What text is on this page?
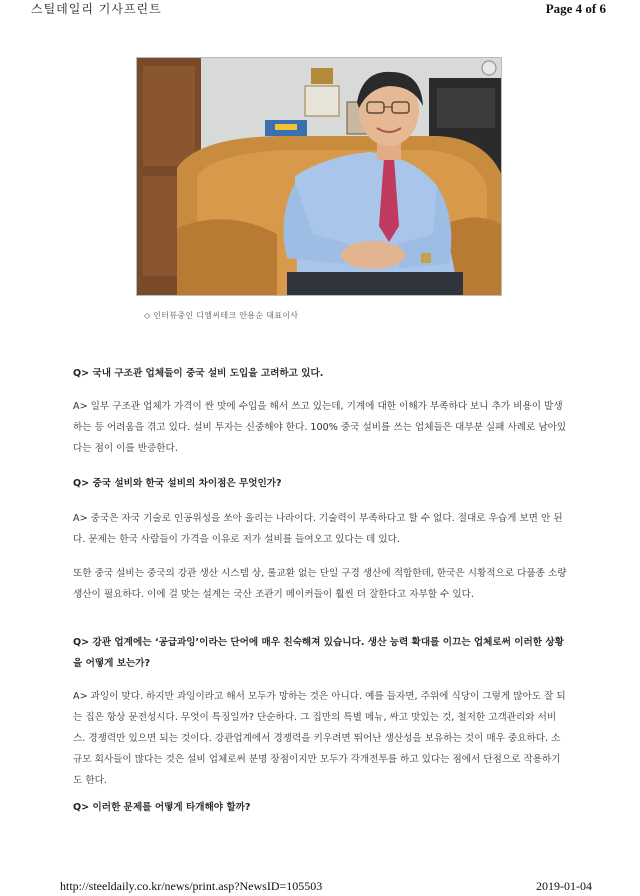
스틸데일리 기사프린트	Page 4 of 6
◇ 인터뷰중인 디엠씨테크 안용순 대표이사
Q> 국내 구조관 업체들이 중국 설비 도입을 고려하고 있다.
A> 일부 구조관 업체가 가격이 싼 맛에 수입을 해서 쓰고 있는데, 기계에 대한 이해가 부족하다 보니 추가 비용이 발생하는 등 어려움을 겪고 있다. 설비 투자는 신중해야 한다. 100% 중국 설비를 쓰는 업체들은 대부분 실패 사례로 남아있다는 점이 이를 반증한다.
Q> 중국 설비와 한국 설비의 차이점은 무엇인가?
A> 중국은 자국 기술로 인공위성을 쏘아 올리는 나라이다. 기술력이 부족하다고 할 수 없다. 절대로 우습게 보면 안 된다. 문제는 한국 사람들이 가격을 이유로 저가 설비를 들여오고 있다는 데 있다.
또한 중국 설비는 중국의 강관 생산 시스템 상, 롤교환 없는 단일 구경 생산에 적합한데, 한국은 시황적으로 다품종 소량 생산이 필요하다. 이에 걸 맞는 설계는 국산 조관기 메이커들이 훨씬 더 잘한다고 자부할 수 있다.
Q> 강관 업계에는 ‘공급과잉’이라는 단어에 매우 친숙해져 있습니다. 생산 능력 확대를 이끄는 업체로써 이러한 상황을 어떻게 보는가?
A> 과잉이 맞다. 하지만 과잉이라고 해서 모두가 망하는 것은 아니다. 예를 들자면, 주위에 식당이 그렇게 많아도 잘 되는 집은 항상 문전성시다. 무엇이 특징일까? 단순하다. 그 집만의 특별 메뉴, 싸고 맛있는 것, 철저한 고객관리와 서비스. 경쟁력만 있으면 되는 것이다. 강관업계에서 경쟁력을 키우려면 뛰어난 생산성을 보유하는 것이 매우 중요하다. 소규모 회사들이 많다는 것은 설비 업체로써 분명 장점이지만 모두가 각개전투를 하고 있다는 점에서 단점으로 작용하기도 한다.
Q> 이러한 문제를 어떻게 타개해야 할까?
http://steeldaily.co.kr/news/print.asp?NewsID=105503	2019-01-04
